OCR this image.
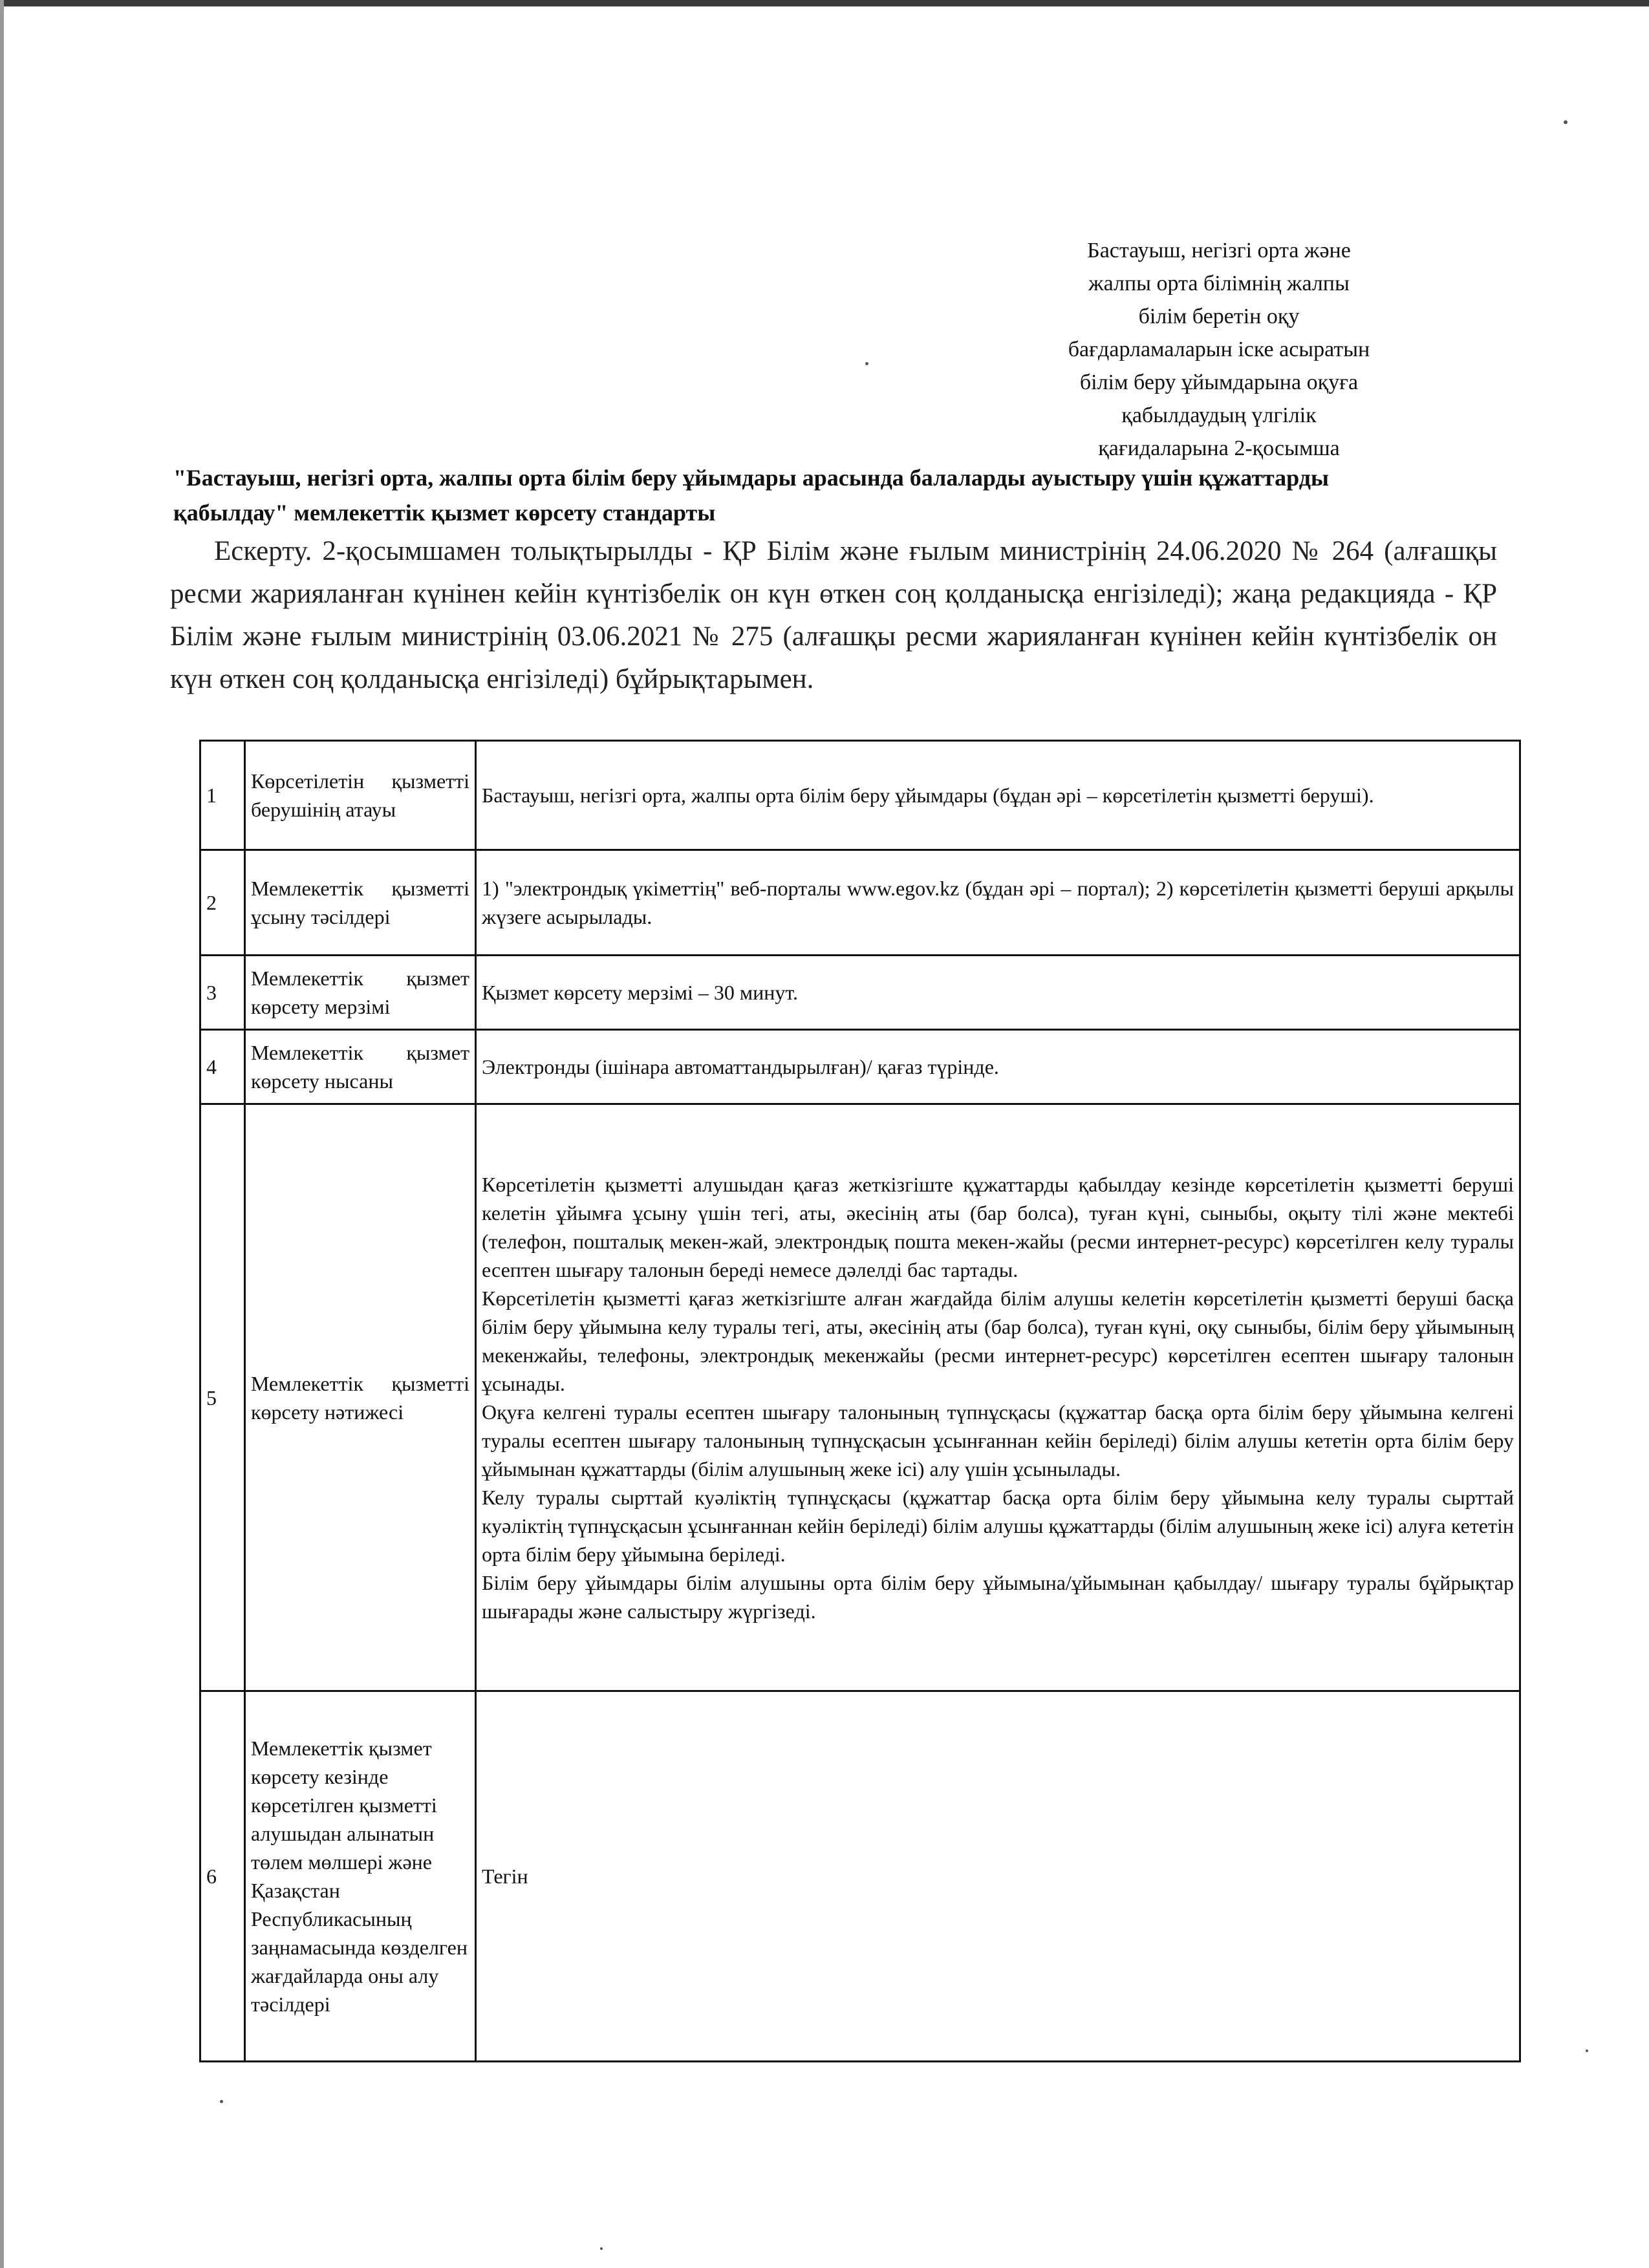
Бастауыш, негізгі орта және
жалпы орта білімнің жалпы
білім беретін оқу
бағдарламаларын іске асыратын
білім беру ұйымдарына оқуға
қабылдаудың үлгілік
қағидаларына 2-қосымша
"Бастауыш, негізгі орта, жалпы орта білім беру ұйымдары арасында балаларды ауыстыру үшін құжаттарды қабылдау" мемлекеттік қызмет көрсету стандарты
Ескерту. 2-қосымшамен толықтырылды - ҚР Білім және ғылым министрінің 24.06.2020 № 264 (алғашқы ресми жарияланған күнінен кейін күнтізбелік он күн өткен соң қолданысқа енгізіледі); жаңа редакцияда - ҚР Білім және ғылым министрінің 03.06.2021 № 275 (алғашқы ресми жарияланған күнінен кейін күнтізбелік он күн өткен соң қолданысқа енгізіледі) бұйрықтарымен.
1	Көрсетілетін қызметті берушінің атауы	Бастауыш, негізгі орта, жалпы орта білім беру ұйымдары (бұдан әрі – көрсетілетін қызметті беруші).
2	Мемлекеттік қызметті ұсыну тәсілдері	1) "электрондық үкіметтің" веб-порталы www.egov.kz (бұдан әрі – портал); 2) көрсетілетін қызметті беруші арқылы жүзеге асырылады.
3	Мемлекеттік қызмет көрсету мерзімі	Қызмет көрсету мерзімі – 30 минут.
4	Мемлекеттік қызмет көрсету нысаны	Электронды (ішінара автоматтандырылған)/ қағаз түрінде.
5	Мемлекеттік қызметті көрсету нәтижесі	Көрсетілетін қызметті алушыдан қағаз жеткізгіште құжаттарды қабылдау кезінде көрсетілетін қызметті беруші келетін ұйымға ұсыну үшін тегі, аты, әкесінің аты (бар болса), туған күні, сыныбы, оқыту тілі және мектебі (телефон, пошталық мекен-жай, электрондық пошта мекен-жайы (ресми интернет-ресурс) көрсетілген келу туралы есептен шығару талонын береді немесе дәлелді бас тартады.

Көрсетілетін қызметті қағаз жеткізгіште алған жағдайда білім алушы келетін көрсетілетін қызметті беруші басқа білім беру ұйымына келу туралы тегі, аты, әкесінің аты (бар болса), туған күні, оқу сыныбы, білім беру ұйымының мекенжайы, телефоны, электрондық мекенжайы (ресми интернет-ресурс) көрсетілген есептен шығару талонын ұсынады.

Оқуға келгені туралы есептен шығару талонының түпнұсқасы (құжаттар басқа орта білім беру ұйымына келгені туралы есептен шығару талонының түпнұсқасын ұсынғаннан кейін беріледі) білім алушы кететін орта білім беру ұйымынан құжаттарды (білім алушының жеке ісі) алу үшін ұсынылады.

Келу туралы сырттай куәліктің түпнұсқасы (құжаттар басқа орта білім беру ұйымына келу туралы сырттай куәліктің түпнұсқасын ұсынғаннан кейін беріледі) білім алушы құжаттарды (білім алушының жеке ісі) алуға кететін орта білім беру ұйымына беріледі.

Білім беру ұйымдары білім алушыны орта білім беру ұйымына/ұйымынан қабылдау/ шығару туралы бұйрықтар шығарады және салыстыру жүргізеді.

6	Мемлекеттік қызмет көрсету кезінде көрсетілген қызметті алушыдан алынатын төлем мөлшері және Қазақстан Республикасының заңнамасында көзделген жағдайларда оны алу тәсілдері	Тегін
